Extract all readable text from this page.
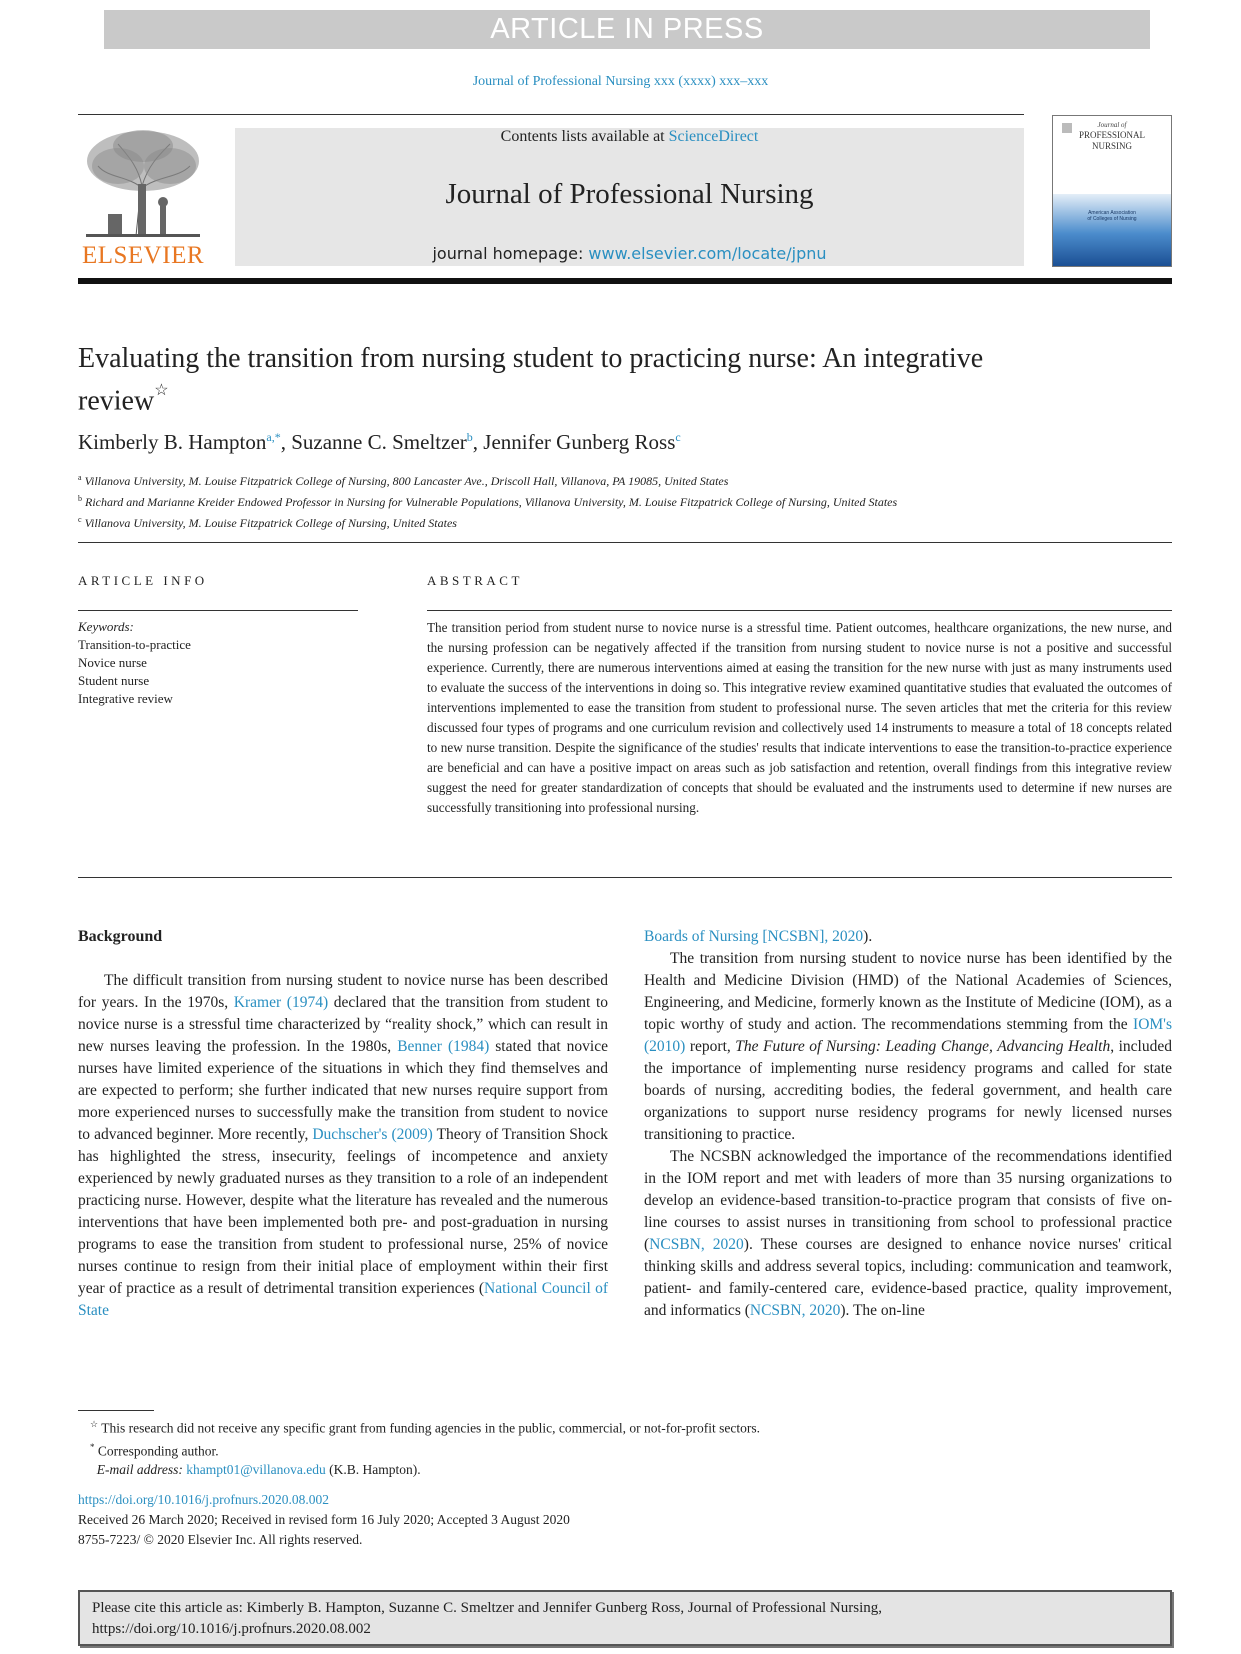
ARTICLE IN PRESS
Journal of Professional Nursing xxx (xxxx) xxx–xxx
ELSEVIER
Contents lists available at ScienceDirect
Journal of Professional Nursing
journal homepage: www.elsevier.com/locate/jpnu
Journal of
PROFESSIONAL
NURSING
American Association
of Colleges of Nursing
Evaluating the transition from nursing student to practicing nurse: An integrative review☆
Kimberly B. Hampton$^{a,*}$, Suzanne C. Smeltzer$^b$, Jennifer Gunberg Ross$^c$
$^a$ Villanova University, M. Louise Fitzpatrick College of Nursing, 800 Lancaster Ave., Driscoll Hall, Villanova, PA 19085, United States
$^b$ Richard and Marianne Kreider Endowed Professor in Nursing for Vulnerable Populations, Villanova University, M. Louise Fitzpatrick College of Nursing, United States
$^c$ Villanova University, M. Louise Fitzpatrick College of Nursing, United States
ARTICLE INFO
Keywords:
Transition-to-practice
Novice nurse
Student nurse
Integrative review
ABSTRACT
The transition period from student nurse to novice nurse is a stressful time. Patient outcomes, healthcare organizations, the new nurse, and the nursing profession can be negatively affected if the transition from nursing student to novice nurse is not a positive and successful experience. Currently, there are numerous interventions aimed at easing the transition for the new nurse with just as many instruments used to evaluate the success of the interventions in doing so. This integrative review examined quantitative studies that evaluated the outcomes of interventions implemented to ease the transition from student to professional nurse. The seven articles that met the criteria for this review discussed four types of programs and one curriculum revision and collectively used 14 instruments to measure a total of 18 concepts related to new nurse transition. Despite the significance of the studies' results that indicate interventions to ease the transition-to-practice experience are beneficial and can have a positive impact on areas such as job satisfaction and retention, overall findings from this integrative review suggest the need for greater standardization of concepts that should be evaluated and the instruments used to determine if new nurses are successfully transitioning into professional nursing.
Background

The difficult transition from nursing student to novice nurse has been described for years. In the 1970s, Kramer (1974) declared that the transition from student to novice nurse is a stressful time characterized by “reality shock,” which can result in new nurses leaving the profession. In the 1980s, Benner (1984) stated that novice nurses have limited experience of the situations in which they find themselves and are expected to perform; she further indicated that new nurses require support from more experienced nurses to successfully make the transition from student to novice to advanced beginner. More recently, Duchscher's (2009) Theory of Transition Shock has highlighted the stress, insecurity, feelings of incompetence and anxiety experienced by newly graduated nurses as they transition to a role of an independent practicing nurse. However, despite what the literature has revealed and the numerous interventions that have been implemented both pre- and post-graduation in nursing programs to ease the transition from student to professional nurse, 25% of novice nurses continue to resign from their initial place of employment within their first year of practice as a result of detrimental transition experiences (National Council of State

Boards of Nursing [NCSBN], 2020).

The transition from nursing student to novice nurse has been identified by the Health and Medicine Division (HMD) of the National Academies of Sciences, Engineering, and Medicine, formerly known as the Institute of Medicine (IOM), as a topic worthy of study and action. The recommendations stemming from the IOM's (2010) report, The Future of Nursing: Leading Change, Advancing Health, included the importance of implementing nurse residency programs and called for state boards of nursing, accrediting bodies, the federal government, and health care organizations to support nurse residency programs for newly licensed nurses transitioning to practice.

The NCSBN acknowledged the importance of the recommendations identified in the IOM report and met with leaders of more than 35 nursing organizations to develop an evidence-based transition-to-practice program that consists of five on-line courses to assist nurses in transitioning from school to professional practice (NCSBN, 2020). These courses are designed to enhance novice nurses' critical thinking skills and address several topics, including: communication and teamwork, patient- and family-centered care, evidence-based practice, quality improvement, and informatics (NCSBN, 2020). The on-line

☆ This research did not receive any specific grant from funding agencies in the public, commercial, or not-for-profit sectors.
* Corresponding author.
E-mail address: khampt01@villanova.edu (K.B. Hampton).
https://doi.org/10.1016/j.profnurs.2020.08.002
Received 26 March 2020; Received in revised form 16 July 2020; Accepted 3 August 2020
8755-7223/ © 2020 Elsevier Inc. All rights reserved.
Please cite this article as: Kimberly B. Hampton, Suzanne C. Smeltzer and Jennifer Gunberg Ross, Journal of Professional Nursing,
https://doi.org/10.1016/j.profnurs.2020.08.002
